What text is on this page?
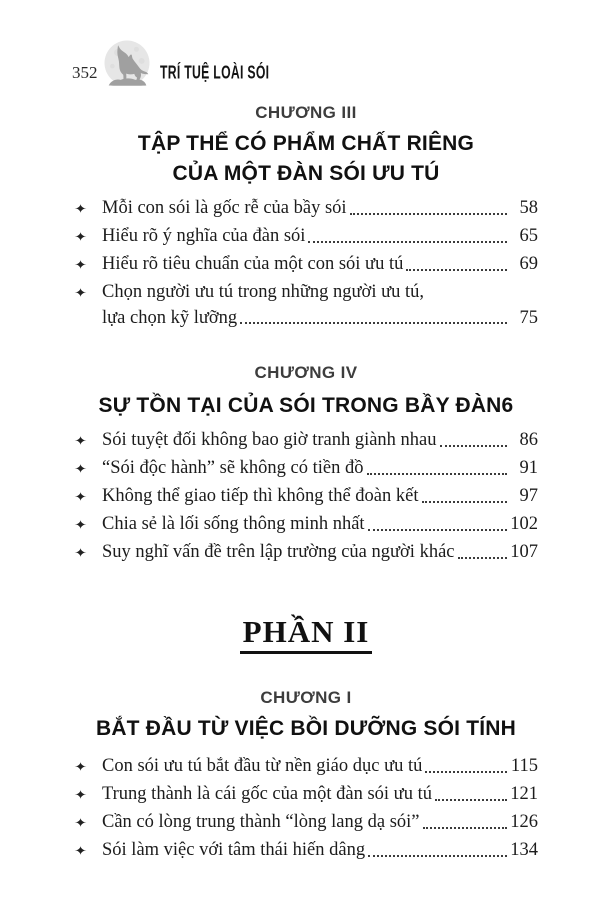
352	TRÍ TUỆ LOÀI SÓI
CHƯƠNG III
TẬP THỂ CÓ PHẨM CHẤT RIÊNG
CỦA MỘT ĐÀN SÓI ƯU TÚ
✦ Mỗi con sói là gốc rễ của bầy sói	58
✦ Hiểu rõ ý nghĩa của đàn sói	65
✦ Hiểu rõ tiêu chuẩn của một con sói ưu tú	69
✦ Chọn người ưu tú trong những người ưu tú,
lựa chọn kỹ lưỡng	75
CHƯƠNG IV
SỰ TỒN TẠI CỦA SÓI TRONG BẦY ĐÀN6
✦ Sói tuyệt đối không bao giờ tranh giành nhau	86
✦ “Sói độc hành” sẽ không có tiền đồ	91
✦ Không thể giao tiếp thì không thể đoàn kết	97
✦ Chia sẻ là lối sống thông minh nhất	102
✦ Suy nghĩ vấn đề trên lập trường của người khác	107
PHẦN II
CHƯƠNG I
BẮT ĐẦU TỪ VIỆC BỒI DƯỠNG SÓI TÍNH
✦ Con sói ưu tú bắt đầu từ nền giáo dục ưu tú	115
✦ Trung thành là cái gốc của một đàn sói ưu tú	121
✦ Cần có lòng trung thành “lòng lang dạ sói”	126
✦ Sói làm việc với tâm thái hiến dâng	134
